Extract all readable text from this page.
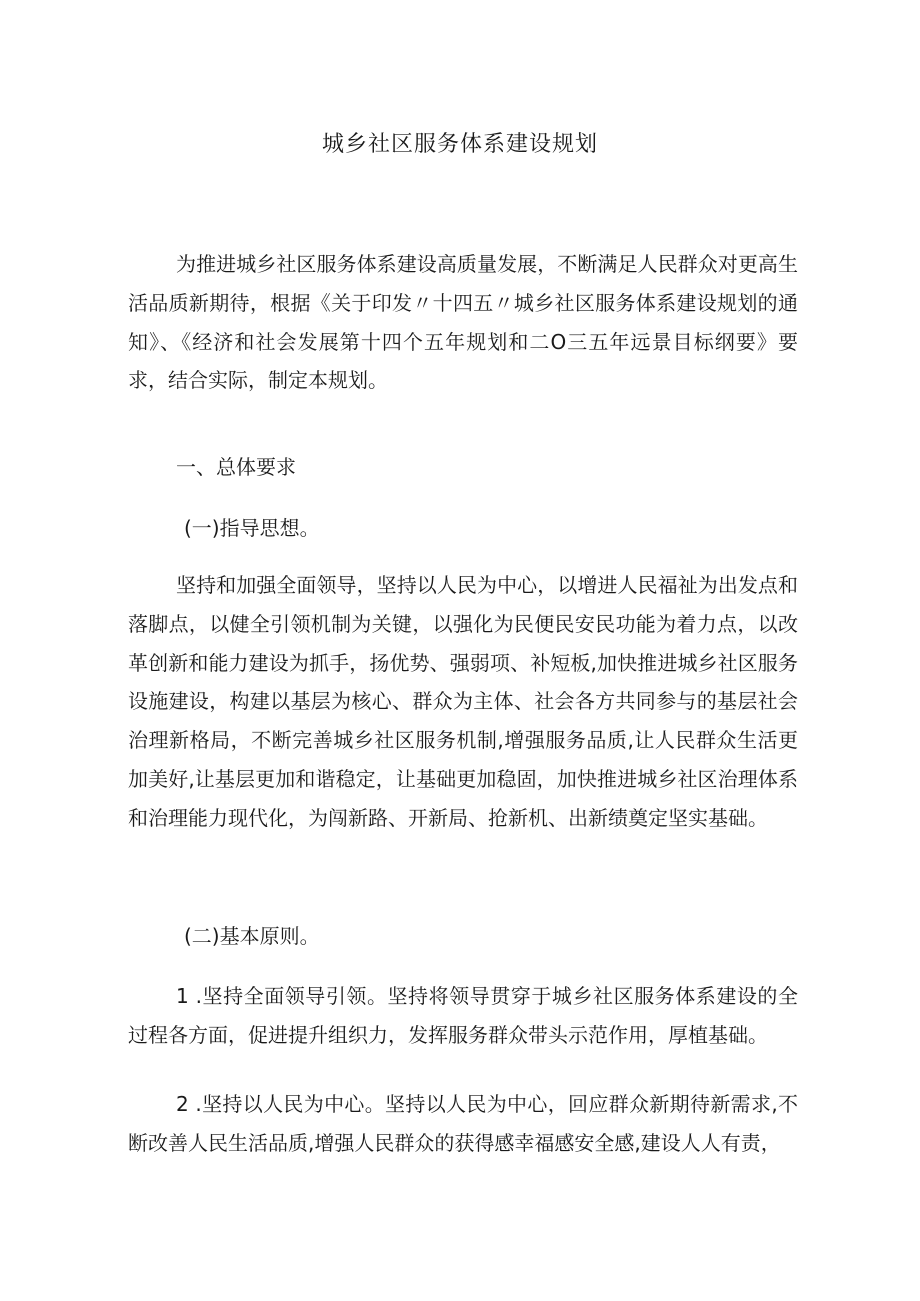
城乡社区服务体系建设规划

为推进城乡社区服务体系建设高质量发展，不断满足人民群众对更高生活品质新期待，根据《关于印发〃十四五〃城乡社区服务体系建设规划的通知》、《经济和社会发展第十四个五年规划和二O三五年远景目标纲要》要求，结合实际，制定本规划。

一、总体要求

(一)指导思想。

坚持和加强全面领导，坚持以人民为中心，以增进人民福祉为出发点和落脚点，以健全引领机制为关键，以强化为民便民安民功能为着力点，以改革创新和能力建设为抓手，扬优势、强弱项、补短板,加快推进城乡社区服务设施建设，构建以基层为核心、群众为主体、社会各方共同参与的基层社会治理新格局，不断完善城乡社区服务机制,增强服务品质,让人民群众生活更加美好,让基层更加和谐稳定，让基础更加稳固，加快推进城乡社区治理体系和治理能力现代化，为闯新路、开新局、抢新机、出新绩奠定坚实基础。

(二)基本原则。

1 .坚持全面领导引领。坚持将领导贯穿于城乡社区服务体系建设的全过程各方面，促进提升组织力，发挥服务群众带头示范作用，厚植基础。

2 .坚持以人民为中心。坚持以人民为中心，回应群众新期待新需求,不断改善人民生活品质,增强人民群众的获得感幸福感安全感,建设人人有责，
